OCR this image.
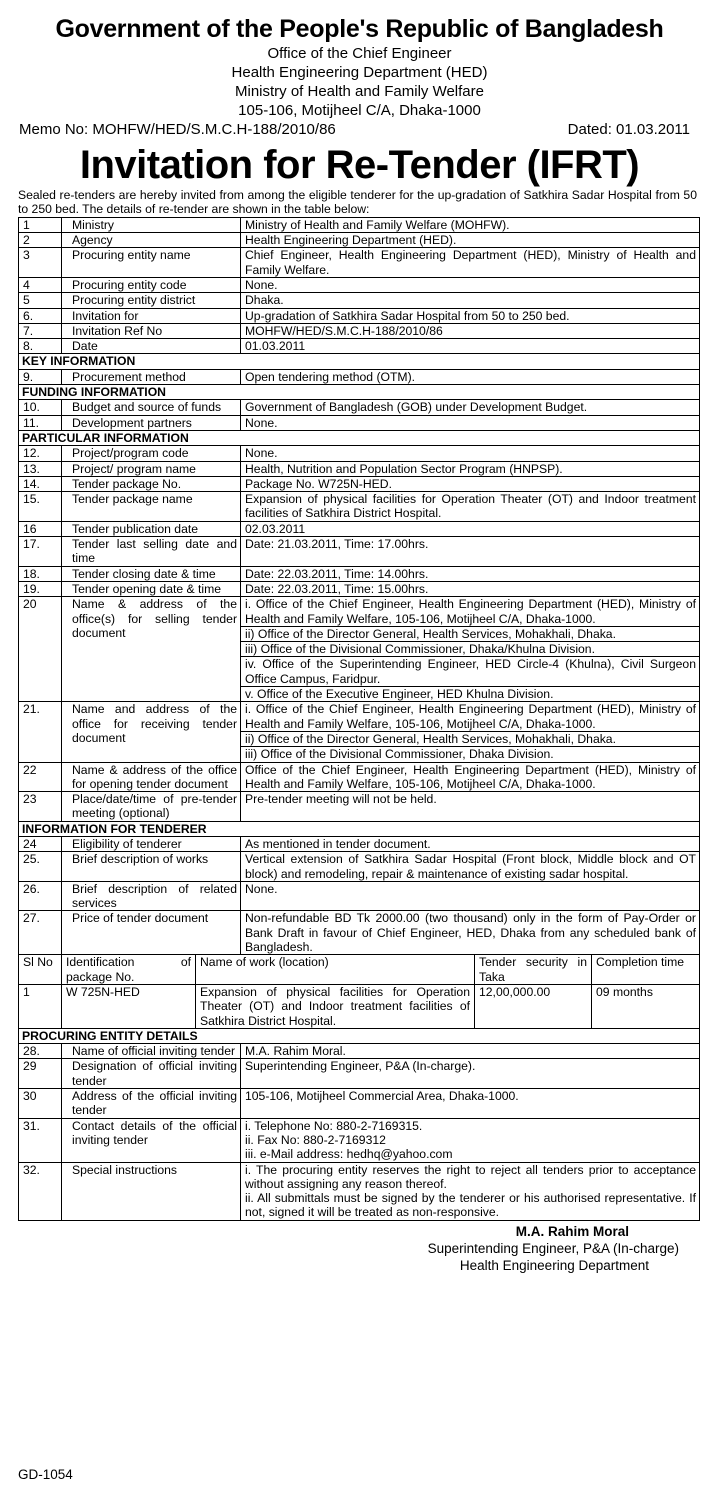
Government of the People's Republic of Bangladesh
Office of the Chief Engineer
Health Engineering Department (HED)
Ministry of Health and Family Welfare
105-106, Motijheel C/A, Dhaka-1000
Memo No: MOHFW/HED/S.M.C.H-188/2010/86	Dated: 01.03.2011
Invitation for Re-Tender (IFRT)
Sealed re-tenders are hereby invited from among the eligible tenderer for the up-gradation of Satkhira Sadar Hospital from 50 to 250 bed. The details of re-tender are shown in the table below:
1	Ministry	Ministry of Health and Family Welfare (MOHFW).

2	Agency	Health Engineering Department (HED).

3	Procuring entity name	Chief Engineer, Health Engineering Department (HED), Ministry of Health and Family Welfare.

4	Procuring entity code	None.

5	Procuring entity district	Dhaka.

6.	Invitation for	Up-gradation of Satkhira Sadar Hospital from 50 to 250 bed.

7.	Invitation Ref No	MOHFW/HED/S.M.C.H-188/2010/86

8.	Date	01.03.2011

KEY INFORMATION		
9.	Procurement method	Open tendering method (OTM).

FUNDING INFORMATION		
10.	Budget and source of funds	Government of Bangladesh (GOB) under Development Budget.

11.	Development partners	None.

PARTICULAR INFORMATION		
12.	Project/program code	None.

13.	Project/ program name	Health, Nutrition and Population Sector Program (HNPSP).

14.	Tender package No.	Package No. W725N-HED.

15.	Tender package name	Expansion of physical facilities for Operation Theater (OT) and Indoor treatment facilities of Satkhira District Hospital.

16	Tender publication date	02.03.2011

17.	Tender last selling date and time	Date: 21.03.2011, Time: 17.00hrs.

18.	Tender closing date & time	Date: 22.03.2011, Time: 14.00hrs.

19.	Tender opening date & time	Date: 22.03.2011, Time: 15.00hrs.

20	Name & address of the office(s) for selling tender document	i. Office of the Chief Engineer, Health Engineering Department (HED), Ministry of Health and Family Welfare, 105-106, Motijheel C/A, Dhaka-1000.
ii) Office of the Director General, Health Services, Mohakhali, Dhaka.
iii) Office of the Divisional Commissioner, Dhaka/Khulna Division.
iv. Office of the Superintending Engineer, HED Circle-4 (Khulna), Civil Surgeon Office Campus, Faridpur.
v. Office of the Executive Engineer, HED Khulna Division.

21.	Name and address of the office for receiving tender document	i. Office of the Chief Engineer, Health Engineering Department (HED), Ministry of Health and Family Welfare, 105-106, Motijheel C/A, Dhaka-1000.
ii) Office of the Director General, Health Services, Mohakhali, Dhaka.
iii) Office of the Divisional Commissioner, Dhaka Division.

22	Name & address of the office for opening tender document	Office of the Chief Engineer, Health Engineering Department (HED), Ministry of Health and Family Welfare, 105-106, Motijheel C/A, Dhaka-1000.

23	Place/date/time of pre-tender meeting (optional)	Pre-tender meeting will not be held.

INFORMATION FOR TENDERER		
24	Eligibility of tenderer	As mentioned in tender document.

25.	Brief description of works	Vertical extension of Satkhira Sadar Hospital (Front block, Middle block and OT block) and remodeling, repair & maintenance of existing sadar hospital.

26.	Brief description of related services	None.

27.	Price of tender document	Non-refundable BD Tk 2000.00 (two thousand) only in the form of Pay-Order or Bank Draft in favour of Chief Engineer, HED, Dhaka from any scheduled bank of Bangladesh.
Sl No	Identification of package No.	Name of work (location)	Tender security in Taka	Completion time
1	W 725N-HED	Expansion of physical facilities for Operation Theater (OT) and Indoor treatment facilities of Satkhira District Hospital.	12,00,000.00	09 months
PROCURING ENTITY DETAILS		
28.	Name of official inviting tender	M.A. Rahim Moral.

29	Designation of official inviting tender	Superintending Engineer, P&A (In-charge).

30	Address of the official inviting tender	105-106, Motijheel Commercial Area, Dhaka-1000.

31.	Contact details of the official inviting tender	i. Telephone No: 880-2-7169315.
ii. Fax No: 880-2-7169312
iii. e-Mail address: hedhq@yahoo.com

32.	Special instructions	i. The procuring entity reserves the right to reject all tenders prior to acceptance without assigning any reason thereof.
ii. All submittals must be signed by the tenderer or his authorised representative. If not, signed it will be treated as non-responsive.
M.A. Rahim Moral
Superintending Engineer, P&A (In-charge)
Health Engineering Department
GD-1054
